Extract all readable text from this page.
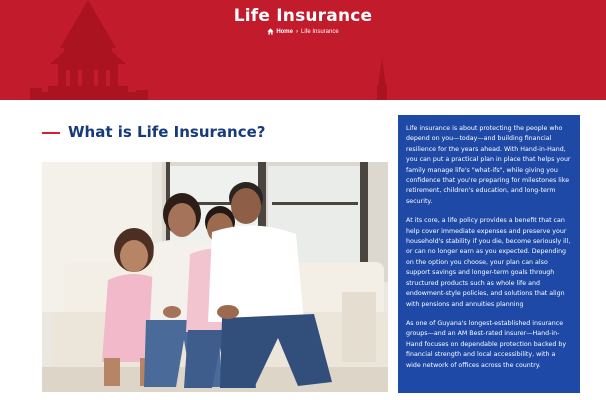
Life Insurance
Home › Life Insurance
What is Life Insurance?	Life insurance is about protecting the people who depend on you—today—and building financial resilience for the years ahead. With Hand-in-Hand, you can put a practical plan in place that helps your family manage life's "what-ifs", while giving you confidence that you're preparing for milestones like retirement, children's education, and long-term security.

At its core, a life policy provides a benefit that can help cover immediate expenses and preserve your household's stability if you die, become seriously ill, or can no longer earn as you expected. Depending on the option you choose, your plan can also support savings and longer-term goals through structured products such as whole life and endowment-style policies, and solutions that align with pensions and annuities planning

As one of Guyana's longest-established insurance groups—and an AM Best-rated insurer—Hand-in-Hand focuses on dependable protection backed by financial strength and local accessibility, with a wide network of offices across the country.
